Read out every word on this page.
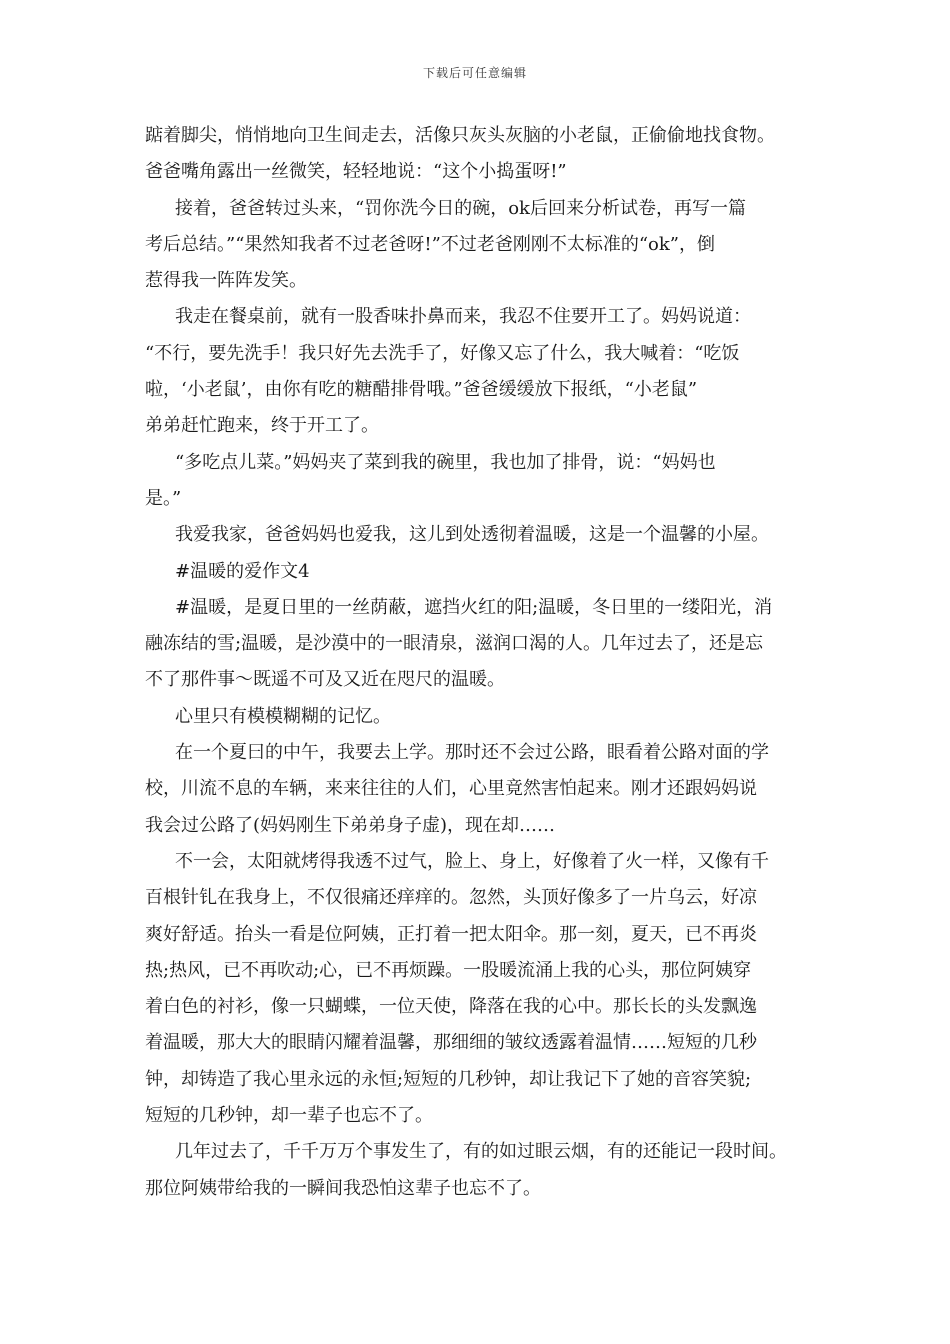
下载后可任意编辑
踮着脚尖，悄悄地向卫生间走去，活像只灰头灰脑的小老鼠，正偷偷地找食物。
爸爸嘴角露出一丝微笑，轻轻地说：“这个小捣蛋呀!”
接着，爸爸转过头来，“罚你洗今日的碗，ok后回来分析试卷，再写一篇
考后总结。”“果然知我者不过老爸呀!”不过老爸刚刚不太标准的“ok”，倒
惹得我一阵阵发笑。
我走在餐桌前，就有一股香味扑鼻而来，我忍不住要开工了。妈妈说道：
“不行，要先洗手！我只好先去洗手了，好像又忘了什么，我大喊着：“吃饭
啦，‘小老鼠’，由你有吃的糖醋排骨哦。”爸爸缓缓放下报纸，“小老鼠”
弟弟赶忙跑来，终于开工了。
“多吃点儿菜。”妈妈夹了菜到我的碗里，我也加了排骨，说：“妈妈也
是。”
我爱我家，爸爸妈妈也爱我，这儿到处透彻着温暖，这是一个温馨的小屋。
#温暖的爱作文4
#温暖，是夏日里的一丝荫蔽，遮挡火红的阳;温暖，冬日里的一缕阳光，消
融冻结的雪;温暖，是沙漠中的一眼清泉，滋润口渴的人。几年过去了，还是忘
不了那件事～既遥不可及又近在咫尺的温暖。
心里只有模模糊糊的记忆。
在一个夏曰的中午，我要去上学。那时还不会过公路，眼看着公路对面的学
校，川流不息的车辆，来来往往的人们，心里竟然害怕起来。刚才还跟妈妈说
我会过公路了(妈妈刚生下弟弟身子虚)，现在却……
不一会，太阳就烤得我透不过气，脸上、身上，好像着了火一样，又像有千
百根针钆在我身上，不仅很痛还痒痒的。忽然，头顶好像多了一片乌云，好凉
爽好舒适。抬头一看是位阿姨，正打着一把太阳伞。那一刻，夏天，已不再炎
热;热风，已不再吹动;心，已不再烦躁。一股暖流涌上我的心头，那位阿姨穿
着白色的衬衫，像一只蝴蝶，一位天使，降落在我的心中。那长长的头发飘逸
着温暖，那大大的眼睛闪耀着温馨，那细细的皱纹透露着温情……短短的几秒
钟，却铸造了我心里永远的永恒;短短的几秒钟，却让我记下了她的音容笑貌;
短短的几秒钟，却一辈子也忘不了。
几年过去了，千千万万个事发生了，有的如过眼云烟，有的还能记一段时间。
那位阿姨带给我的一瞬间我恐怕这辈子也忘不了。
